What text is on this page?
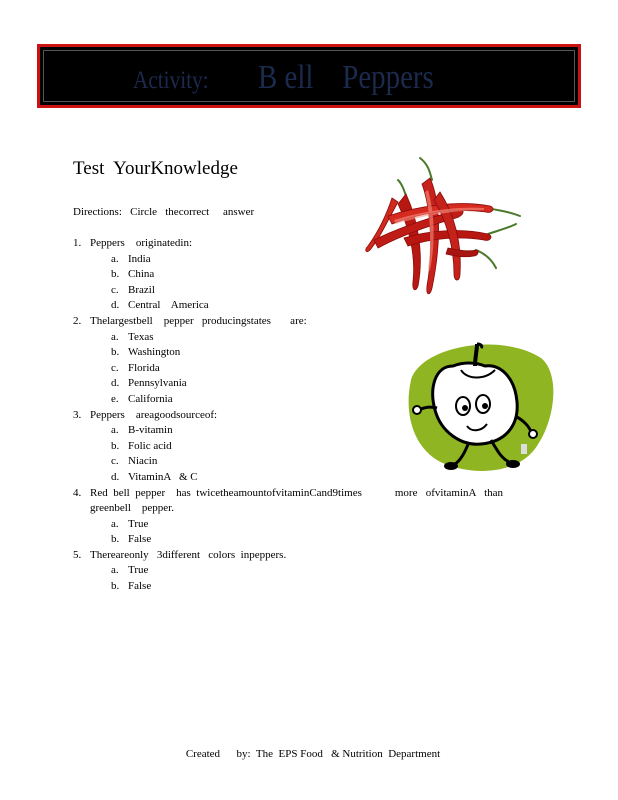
Activity: B ell    Peppers
Test  YourKnowledge
Directions:   Circle   thecorrect     answer
1. Peppers    originatedin:
a. India
b. China
c. Brazil
d. Central    America
2. Thelargestbell    pepper   producingstates       are:
a. Texas
b. Washington
c. Florida
d. Pennsylvania
e. California
3. Peppers    areagoodsourceof:
a. B-vitamin
b. Folic acid
c. Niacin
d. VitaminA   & C
4. Red  bell  pepper    has  twicetheamountofvitaminCand9times            more   ofvitaminA   than greenbell    pepper.
a. True
b. False
5. Thereareonly   3different   colors  inpeppers.
a. True
b. False
Created      by:  The  EPS Food   & Nutrition  Department
